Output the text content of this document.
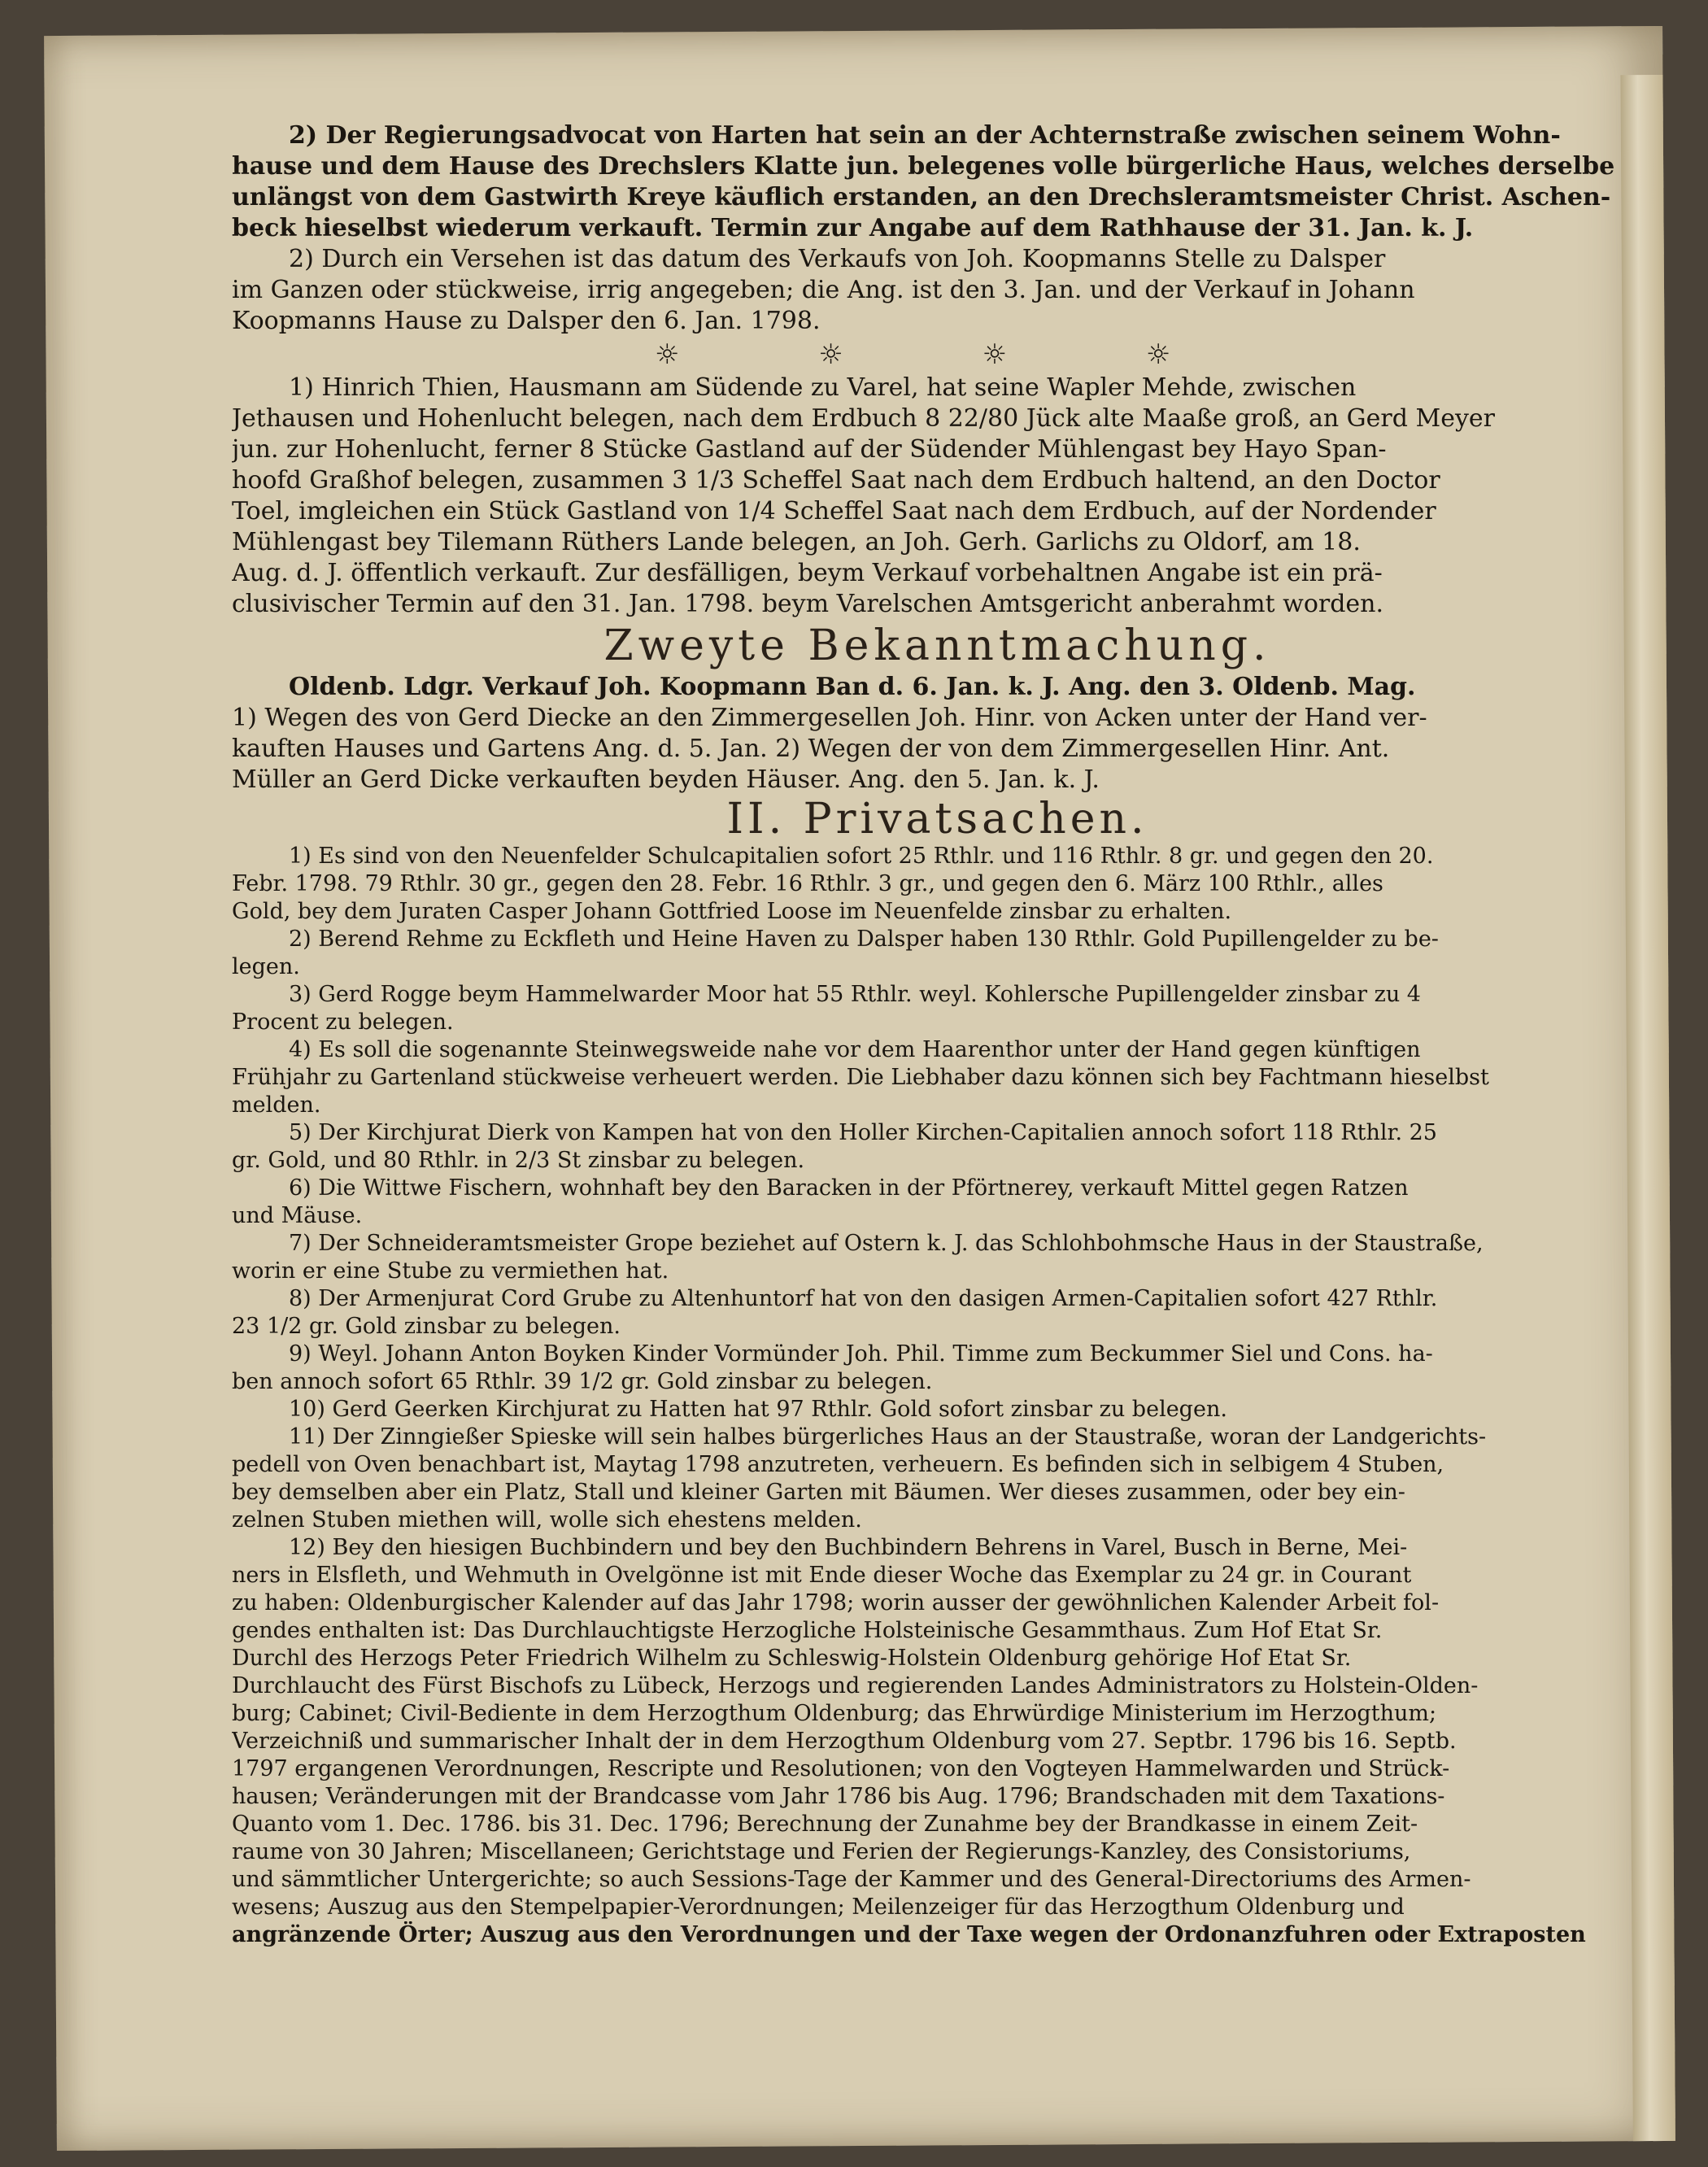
2) Der Regierungsadvocat von Harten hat sein an der Achternstraße zwischen seinem Wohn-
hause und dem Hause des Drechslers Klatte jun. belegenes volle bürgerliche Haus, welches derselbe
unlängst von dem Gastwirth Kreye käuflich erstanden, an den Drechsleramtsmeister Christ. Aschen-
beck hieselbst wiederum verkauft. Termin zur Angabe auf dem Rathhause der 31. Jan. k. J.
2) Durch ein Versehen ist das datum des Verkaufs von Joh. Koopmanns Stelle zu Dalsper
im Ganzen oder stückweise, irrig angegeben; die Ang. ist den 3. Jan. und der Verkauf in Johann
Koopmanns Hause zu Dalsper den 6. Jan. 1798.
☼ ☼ ☼ ☼
1) Hinrich Thien, Hausmann am Südende zu Varel, hat seine Wapler Mehde, zwischen
Jethausen und Hohenlucht belegen, nach dem Erdbuch 8 22/80 Jück alte Maaße groß, an Gerd Meyer
jun. zur Hohenlucht, ferner 8 Stücke Gastland auf der Südender Mühlengast bey Hayo Span-
hoofd Graßhof belegen, zusammen 3 1/3 Scheffel Saat nach dem Erdbuch haltend, an den Doctor
Toel, imgleichen ein Stück Gastland von 1/4 Scheffel Saat nach dem Erdbuch, auf der Nordender
Mühlengast bey Tilemann Rüthers Lande belegen, an Joh. Gerh. Garlichs zu Oldorf, am 18.
Aug. d. J. öffentlich verkauft. Zur desfälligen, beym Verkauf vorbehaltnen Angabe ist ein prä-
clusivischer Termin auf den 31. Jan. 1798. beym Varelschen Amtsgericht anberahmt worden.
Zweyte Bekanntmachung.
Oldenb. Ldgr. Verkauf Joh. Koopmann Ban d. 6. Jan. k. J. Ang. den 3. Oldenb. Mag.
1) Wegen des von Gerd Diecke an den Zimmergesellen Joh. Hinr. von Acken unter der Hand ver-
kauften Hauses und Gartens Ang. d. 5. Jan. 2) Wegen der von dem Zimmergesellen Hinr. Ant.
Müller an Gerd Dicke verkauften beyden Häuser. Ang. den 5. Jan. k. J.
II. Privatsachen.
1) Es sind von den Neuenfelder Schulcapitalien sofort 25 Rthlr. und 116 Rthlr. 8 gr. und gegen den 20.
Febr. 1798. 79 Rthlr. 30 gr., gegen den 28. Febr. 16 Rthlr. 3 gr., und gegen den 6. März 100 Rthlr., alles
Gold, bey dem Juraten Casper Johann Gottfried Loose im Neuenfelde zinsbar zu erhalten.
2) Berend Rehme zu Eckfleth und Heine Haven zu Dalsper haben 130 Rthlr. Gold Pupillengelder zu be-
legen.
3) Gerd Rogge beym Hammelwarder Moor hat 55 Rthlr. weyl. Kohlersche Pupillengelder zinsbar zu 4
Procent zu belegen.
4) Es soll die sogenannte Steinwegsweide nahe vor dem Haarenthor unter der Hand gegen künftigen
Frühjahr zu Gartenland stückweise verheuert werden. Die Liebhaber dazu können sich bey Fachtmann hieselbst
melden.
5) Der Kirchjurat Dierk von Kampen hat von den Holler Kirchen-Capitalien annoch sofort 118 Rthlr. 25
gr. Gold, und 80 Rthlr. in 2/3 St zinsbar zu belegen.
6) Die Wittwe Fischern, wohnhaft bey den Baracken in der Pförtnerey, verkauft Mittel gegen Ratzen
und Mäuse.
7) Der Schneideramtsmeister Grope beziehet auf Ostern k. J. das Schlohbohmsche Haus in der Staustraße,
worin er eine Stube zu vermiethen hat.
8) Der Armenjurat Cord Grube zu Altenhuntorf hat von den dasigen Armen-Capitalien sofort 427 Rthlr.
23 1/2 gr. Gold zinsbar zu belegen.
9) Weyl. Johann Anton Boyken Kinder Vormünder Joh. Phil. Timme zum Beckummer Siel und Cons. ha-
ben annoch sofort 65 Rthlr. 39 1/2 gr. Gold zinsbar zu belegen.
10) Gerd Geerken Kirchjurat zu Hatten hat 97 Rthlr. Gold sofort zinsbar zu belegen.
11) Der Zinngießer Spieske will sein halbes bürgerliches Haus an der Staustraße, woran der Landgerichts-
pedell von Oven benachbart ist, Maytag 1798 anzutreten, verheuern. Es befinden sich in selbigem 4 Stuben,
bey demselben aber ein Platz, Stall und kleiner Garten mit Bäumen. Wer dieses zusammen, oder bey ein-
zelnen Stuben miethen will, wolle sich ehestens melden.
12) Bey den hiesigen Buchbindern und bey den Buchbindern Behrens in Varel, Busch in Berne, Mei-
ners in Elsfleth, und Wehmuth in Ovelgönne ist mit Ende dieser Woche das Exemplar zu 24 gr. in Courant
zu haben: Oldenburgischer Kalender auf das Jahr 1798; worin ausser der gewöhnlichen Kalender Arbeit fol-
gendes enthalten ist: Das Durchlauchtigste Herzogliche Holsteinische Gesammthaus. Zum Hof Etat Sr.
Durchl des Herzogs Peter Friedrich Wilhelm zu Schleswig-Holstein Oldenburg gehörige Hof Etat Sr.
Durchlaucht des Fürst Bischofs zu Lübeck, Herzogs und regierenden Landes Administrators zu Holstein-Olden-
burg; Cabinet; Civil-Bediente in dem Herzogthum Oldenburg; das Ehrwürdige Ministerium im Herzogthum;
Verzeichniß und summarischer Inhalt der in dem Herzogthum Oldenburg vom 27. Septbr. 1796 bis 16. Septb.
1797 ergangenen Verordnungen, Rescripte und Resolutionen; von den Vogteyen Hammelwarden und Strück-
hausen; Veränderungen mit der Brandcasse vom Jahr 1786 bis Aug. 1796; Brandschaden mit dem Taxations-
Quanto vom 1. Dec. 1786. bis 31. Dec. 1796; Berechnung der Zunahme bey der Brandkasse in einem Zeit-
raume von 30 Jahren; Miscellaneen; Gerichtstage und Ferien der Regierungs-Kanzley, des Consistoriums,
und sämmtlicher Untergerichte; so auch Sessions-Tage der Kammer und des General-Directoriums des Armen-
wesens; Auszug aus den Stempelpapier-Verordnungen; Meilenzeiger für das Herzogthum Oldenburg und
angränzende Örter; Auszug aus den Verordnungen und der Taxe wegen der Ordonanzfuhren oder Extraposten
